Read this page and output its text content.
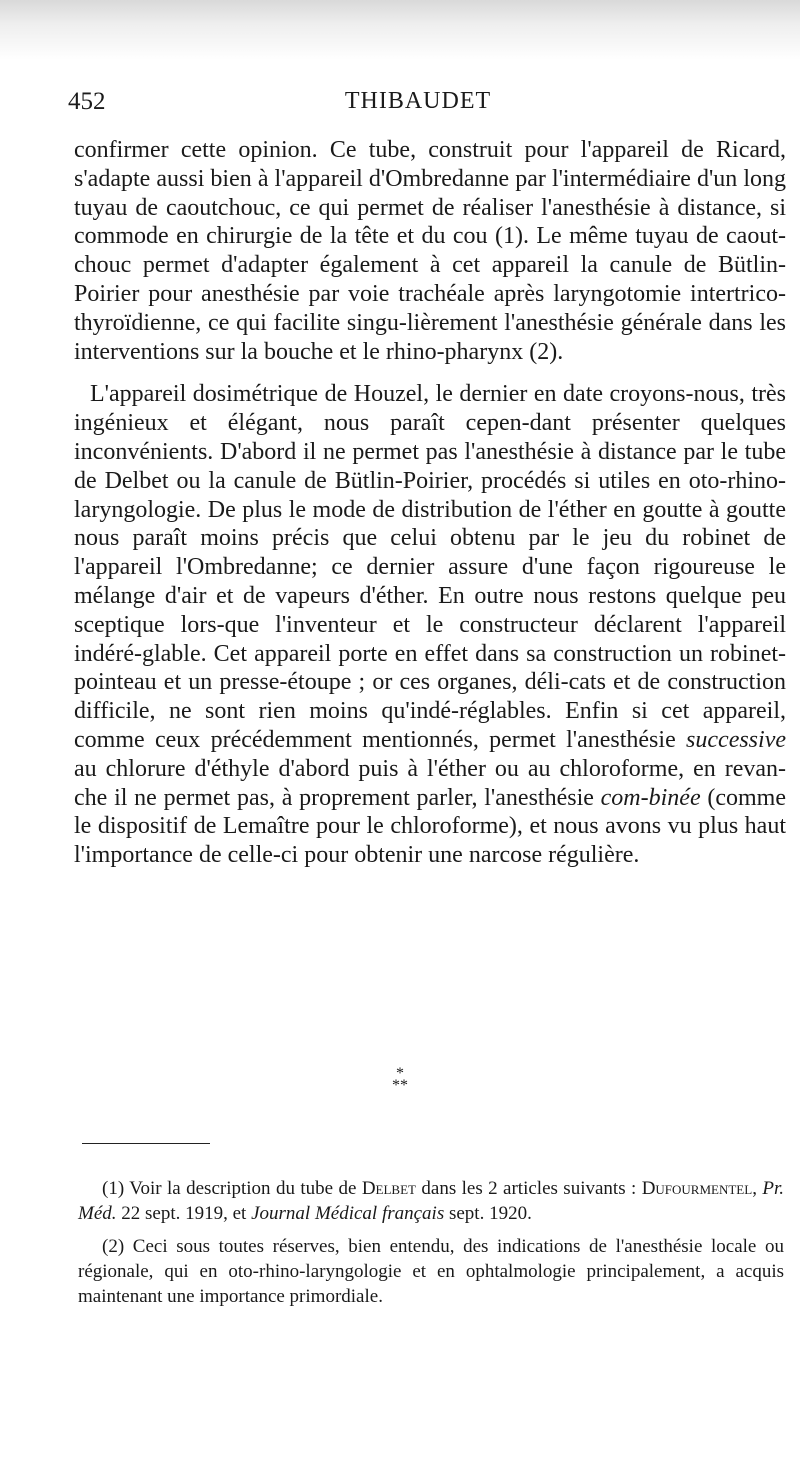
452	THIBAUDET

confirmer cette opinion. Ce tube, construit pour l'appareil de Ricard, s'adapte aussi bien à l'appareil d'Ombredanne par l'intermédiaire d'un long tuyau de caoutchouc, ce qui permet de réaliser l'anesthésie à distance, si commode en chirurgie de la tête et du cou (1). Le même tuyau de caout-chouc permet d'adapter également à cet appareil la canule de Bütlin-Poirier pour anesthésie par voie trachéale après laryngotomie intertrico-thyroïdienne, ce qui facilite singu-lièrement l'anesthésie générale dans les interventions sur la bouche et le rhino-pharynx (2).

L'appareil dosimétrique de Houzel, le dernier en date croyons-nous, très ingénieux et élégant, nous paraît cepen-dant présenter quelques inconvénients. D'abord il ne permet pas l'anesthésie à distance par le tube de Delbet ou la canule de Bütlin-Poirier, procédés si utiles en oto-rhino-laryngologie. De plus le mode de distribution de l'éther en goutte à goutte nous paraît moins précis que celui obtenu par le jeu du robinet de l'appareil l'Ombredanne; ce dernier assure d'une façon rigoureuse le mélange d'air et de vapeurs d'éther. En outre nous restons quelque peu sceptique lors-que l'inventeur et le constructeur déclarent l'appareil indéré-glable. Cet appareil porte en effet dans sa construction un robinet-pointeau et un presse-étoupe ; or ces organes, déli-cats et de construction difficile, ne sont rien moins qu'indé-réglables. Enfin si cet appareil, comme ceux précédemment mentionnés, permet l'anesthésie successive au chlorure d'éthyle d'abord puis à l'éther ou au chloroforme, en revan-che il ne permet pas, à proprement parler, l'anesthésie com-binée (comme le dispositif de Lemaître pour le chloroforme), et nous avons vu plus haut l'importance de celle-ci pour obtenir une narcose régulière.

*
**

(1) Voir la description du tube de Delbet dans les 2 articles suivants : Dufourmentel, Pr. Méd. 22 sept. 1919, et Journal Médical français sept. 1920.

(2) Ceci sous toutes réserves, bien entendu, des indications de l'anesthésie locale ou régionale, qui en oto-rhino-laryngologie et en ophtalmologie principalement, a acquis maintenant une importance primordiale.
